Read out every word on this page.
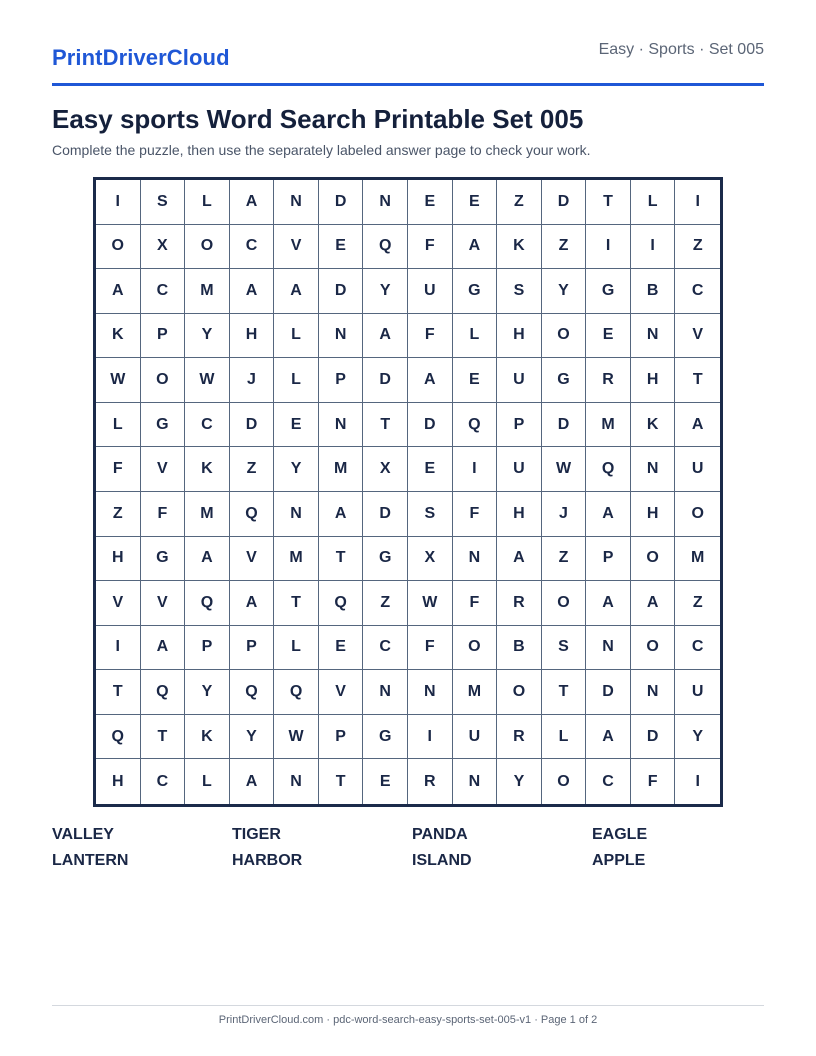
PrintDriverCloud	Easy · Sports · Set 005
Easy sports Word Search Printable Set 005

Complete the puzzle, then use the separately labeled answer page to check your work.

I	S	L	A	N	D	N	E	E	Z	D	T	L	I
O	X	O	C	V	E	Q	F	A	K	Z	I	I	Z
A	C	M	A	A	D	Y	U	G	S	Y	G	B	C
K	P	Y	H	L	N	A	F	L	H	O	E	N	V
W	O	W	J	L	P	D	A	E	U	G	R	H	T
L	G	C	D	E	N	T	D	Q	P	D	M	K	A
F	V	K	Z	Y	M	X	E	I	U	W	Q	N	U
Z	F	M	Q	N	A	D	S	F	H	J	A	H	O
H	G	A	V	M	T	G	X	N	A	Z	P	O	M
V	V	Q	A	T	Q	Z	W	F	R	O	A	A	Z
I	A	P	P	L	E	C	F	O	B	S	N	O	C
T	Q	Y	Q	Q	V	N	N	M	O	T	D	N	U
Q	T	K	Y	W	P	G	I	U	R	L	A	D	Y
H	C	L	A	N	T	E	R	N	Y	O	C	F	I
VALLEY	TIGER	PANDA	EAGLE
LANTERN	HARBOR	ISLAND	APPLE
PrintDriverCloud.com · pdc-word-search-easy-sports-set-005-v1 · Page 1 of 2
